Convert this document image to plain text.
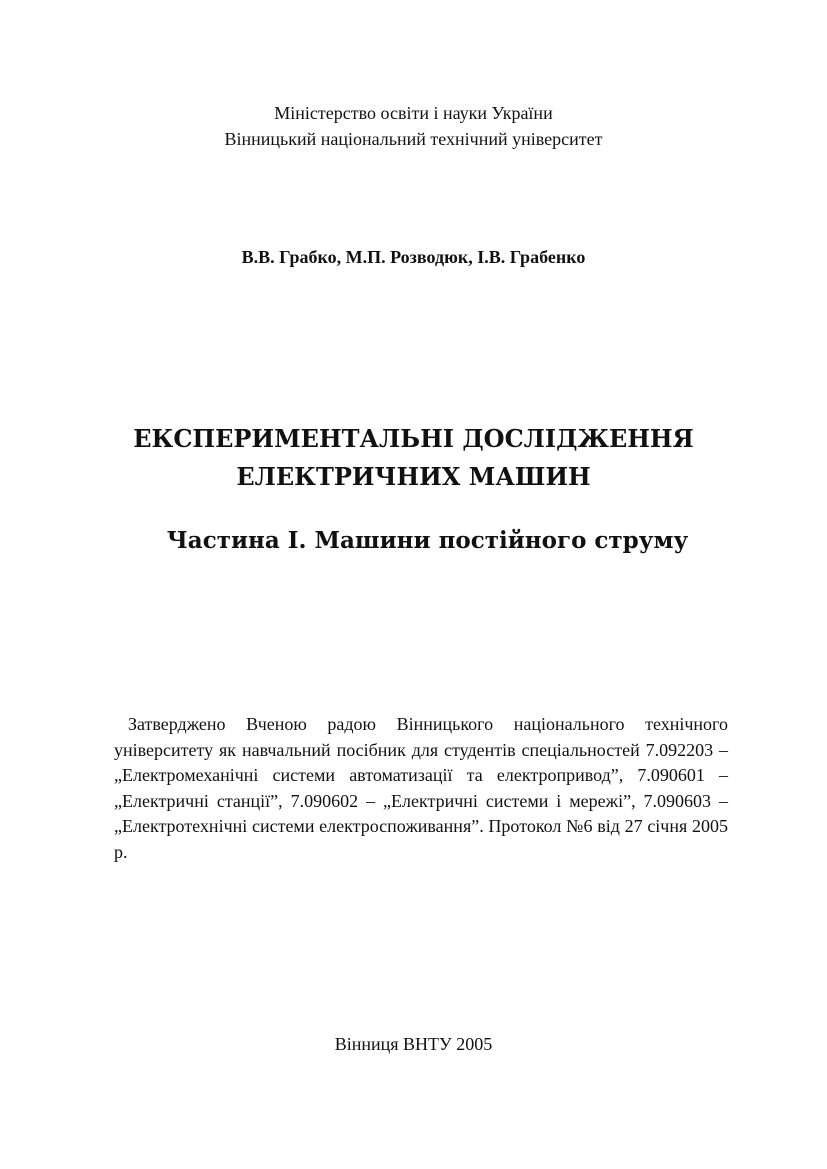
Міністерство освіти і науки України
Вінницький національний технічний університет
В.В. Грабко, М.П. Розводюк, І.В. Грабенко
ЕКСПЕРИМЕНТАЛЬНІ ДОСЛІДЖЕННЯ
ЕЛЕКТРИЧНИХ МАШИН
Частина І. Машини постійного струму

Затверджено Вченою радою Вінницького національного технічного університету як навчальний посібник для студентів спеціальностей 7.092203 – „Електромеханічні системи автоматизації та електропривод”, 7.090601 – „Електричні станції”, 7.090602 – „Електричні системи і мережі”, 7.090603 – „Електротехнічні системи електроспоживання”. Протокол №6 від 27 січня 2005 р.

Вінниця ВНТУ 2005
